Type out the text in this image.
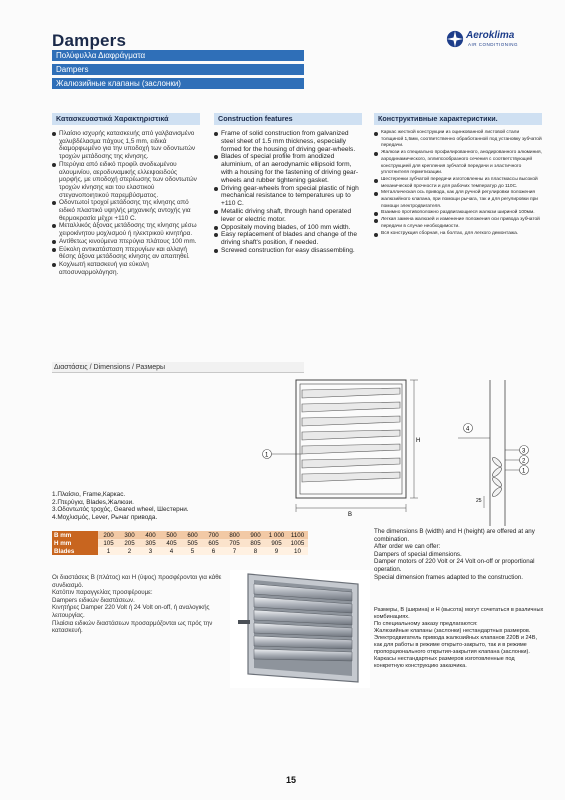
Dampers	Aeroklima
AIR CONDITIONING
Πολύφυλλα Διαφράγματα
Dampers
Жалюзийные клапаны (заслонки)
Κατασκευαστικά Χαρακτηριστικά	Construction features	Конструктивные характеристики.
Πλαίσιο ισχυρής κατασκευής από γαλβανισμένο χαλυβδέλασμα πάχους 1,5 mm, ειδικά διαμορφωμένο για την υποδοχή των οδοντωτών τροχών μετάδοσης της κίνησης.
Πτερύγια από ειδικό προφίλ ανοδιωμένου αλουμινίου, αεροδυναμικής ελλειψοειδούς μορφής, με υποδοχή στερέωσης των οδοντωτών τροχών κίνησης και του ελαστικού στεγανοποιητικού παρεμβύσματος.
Οδοντωτοί τροχοί μετάδοσης της κίνησης από ειδικό πλαστικό υψηλής μηχανικής αντοχής για θερμοκρασία μέχρι +110 C.
Μεταλλικός άξονας μετάδοσης της κίνησης μέσω χειροκίνητου μοχλισμού ή ηλεκτρικού κινητήρα.
Αντίθετως κινούμενα πτερύγια πλάτους 100 mm.
Εύκολη αντικατάσταση πτερυγίων και αλλαγή θέσης άξονα μετάδοσης κίνησης αν απαιτηθεί.
Κοχλιωτή κατασκευή για εύκολη αποσυναρμολόγηση.
Frame of solid construction from galvanized steel sheet of 1.5 mm thickness, especially formed for the housing of driving gear-wheels.
Blades of special profile from anodized aluminium, of an aerodynamic ellipsoid form, with a housing for the fastening of driving gear-wheels and rubber tightening gasket.
Driving gear-wheels from special plastic of high mechanical resistance to temperatures up to +110 C.
Metallic driving shaft, through hand operated lever or electric motor.
Oppositely moving blades, of 100 mm width.
Easy replacement of blades and change of the driving shaft's position, if needed.
Screwed construction for easy disassembling.
Каркас жесткой конструкции из оцинкованной листовой стали толщиной 1,5мм, соответственно обработанной под установку зубчатой передачи.
Жалюзи из специально профилированного, анодированного алюминия, аэродинамического, эллипсообразного сечения с соответствующей конструкцией для крепления зубчатой передачи и эластичного уплотнителя герметизации.
Шестеренки зубчатой передачи изготовленны из пластмассы высокой механической прочности и для рабочих температур до 110С.
Металлическая ось привода, как для ручной регулировки положения жалюзийного клапана, при помощи рычага, так и для регулировки при помощи электродвигателя.
Взаимно противоположно раздвигающиеся жалюзи шириной 100мм.
Легкая замена жалюзей и изменение положения оси привода зубчатой передачи в случае необходимости.
Вся конструкция сборная, на болтах, для легкого демонтажа.
Διαστάσεις / Dimensions / Размеры
1
B
H
4
3
2
1
25
1.Πλαίσιο, Frame,Каркас.
2.Πτερύγια, Blades,Жалюзи.
3.Οδοντωτός τροχός, Geared wheel, Шестерни.
4.Μοχλισμός, Lever, Рычаг привода.
B mm	200	300	400	500	600	700	800	900	1 000	1100
H mm	105	205	305	405	505	605	705	805	905	1005
Blades	1	2	3	4	5	6	7	8	9	10

The dimensions B (width) and H (height) are offered at any combination.

After order we can offer:

Dampers of special dimensions.

Damper motors of 220 Volt or 24 Volt on-off or proportional operation.

Special dimension frames adapted to the construction.

Οι διαστάσεις B (πλάτος) και H (ύψος) προσφέρονται για κάθε συνδιασμό.

Κατόπιν παραγγελίας προσφέρουμε:

Dampers ειδικών διαστάσεων.

Κινητήρες Damper 220 Volt ή 24 Volt on-off, ή αναλογικής λειτουργίας.

Πλαίσια ειδικών διαστάσεων προσαρμόζονται ως πρός την κατασκευή.

Размеры, В (ширина) и Н (высота) могут сочетаться в различных комбинациях.

По специальному заказу предлагаются:

Жалюзийные клапаны (заслонки) нестандартных размеров.

Электродвигатель привода жалюзийных клапанов 220В и 24В, как для работы в режиме открыто-закрыто, так и в режиме пропорционального открытия-закрытия клапана (заслонки).

Каркасы нестандартных размеров изготовленные под конкретную конструкцию заказчика.

15
